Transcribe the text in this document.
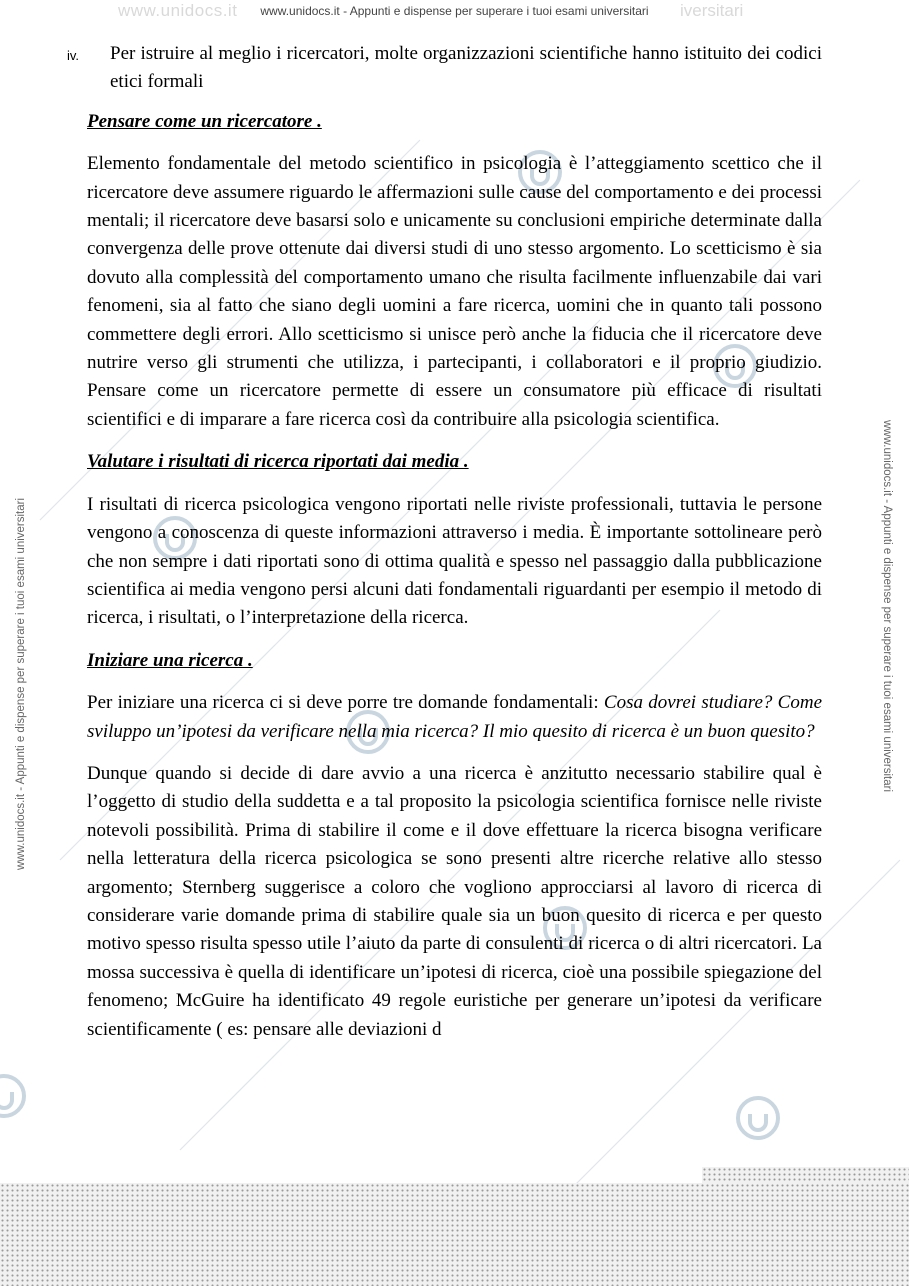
www.unidocs.it	iversitari
www.unidocs.it - Appunti e dispense per superare i tuoi esami universitari
www.unidocs.it - Appunti e dispense per superare i tuoi esami universitari	www.unidocs.it - Appunti e dispense per superare i tuoi esami universitari
iv. Per istruire al meglio i ricercatori, molte organizzazioni scientifiche hanno istituito dei codici etici formali
Pensare come un ricercatore .

Elemento fondamentale del metodo scientifico in psicologia è l’atteggiamento scettico che il ricercatore deve assumere riguardo le affermazioni sulle cause del comportamento e dei processi mentali; il ricercatore deve basarsi solo e unicamente su conclusioni empiriche determinate dalla convergenza delle prove ottenute dai diversi studi di uno stesso argomento. Lo scetticismo è sia dovuto alla complessità del comportamento umano che risulta facilmente influenzabile dai vari fenomeni, sia al fatto che siano degli uomini a fare ricerca, uomini che in quanto tali possono commettere degli errori. Allo scetticismo si unisce però anche la fiducia che il ricercatore deve nutrire verso gli strumenti che utilizza, i partecipanti, i collaboratori e il proprio giudizio. Pensare come un ricercatore permette di essere un consumatore più efficace di risultati scientifici e di imparare a fare ricerca così da contribuire alla psicologia scientifica.

Valutare i risultati di ricerca riportati dai media .

I risultati di ricerca psicologica vengono riportati nelle riviste professionali, tuttavia le persone vengono a conoscenza di queste informazioni attraverso i media. È importante sottolineare però che non sempre i dati riportati sono di ottima qualità e spesso nel passaggio dalla pubblicazione scientifica ai media vengono persi alcuni dati fondamentali riguardanti per esempio il metodo di ricerca, i risultati, o l’interpretazione della ricerca.

Iniziare una ricerca .

Per iniziare una ricerca ci si deve porre tre domande fondamentali: Cosa dovrei studiare? Come sviluppo un’ipotesi da verificare nella mia ricerca? Il mio quesito di ricerca è un buon quesito?

Dunque quando si decide di dare avvio a una ricerca è anzitutto necessario stabilire qual è l’oggetto di studio della suddetta e a tal proposito la psicologia scientifica fornisce nelle riviste notevoli possibilità. Prima di stabilire il come e il dove effettuare la ricerca bisogna verificare nella letteratura della ricerca psicologica se sono presenti altre ricerche relative allo stesso argomento; Sternberg suggerisce a coloro che vogliono approcciarsi al lavoro di ricerca di considerare varie domande prima di stabilire quale sia un buon quesito di ricerca e per questo motivo spesso risulta spesso utile l’aiuto da parte di consulenti di ricerca o di altri ricercatori. La mossa successiva è quella di identificare un’ipotesi di ricerca, cioè una possibile spiegazione del fenomeno; McGuire ha identificato 49 regole euristiche per generare un’ipotesi da verificare scientificamente ( es: pensare alle deviazioni d
